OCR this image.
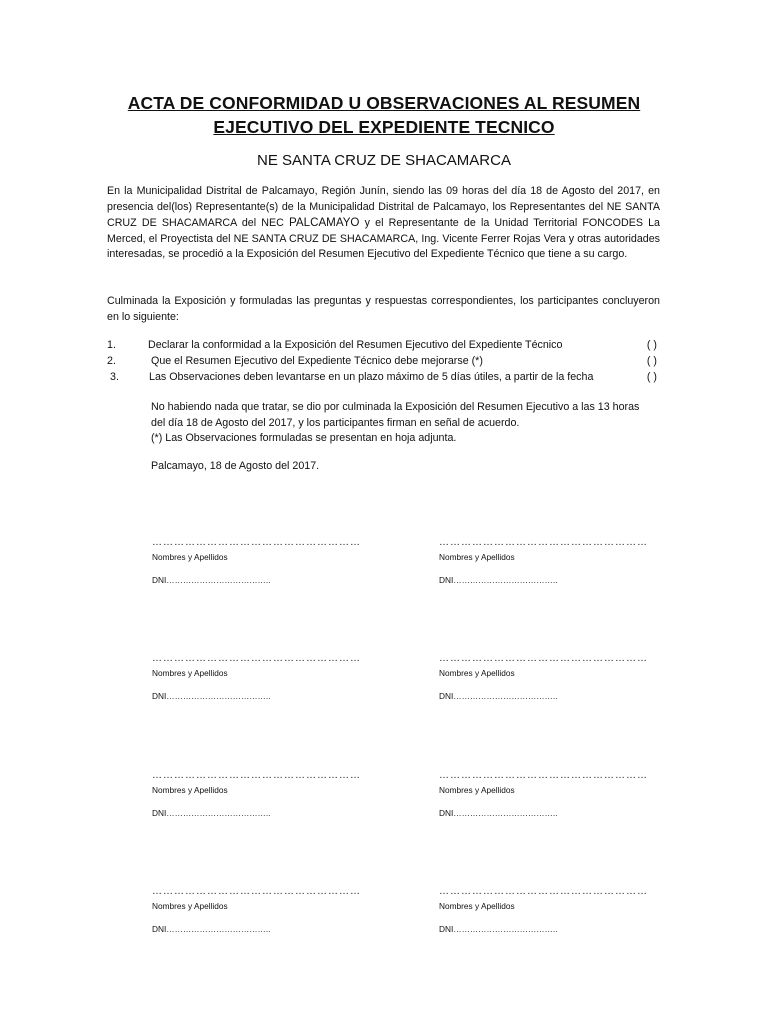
ACTA DE CONFORMIDAD U OBSERVACIONES AL RESUMEN
EJECUTIVO DEL EXPEDIENTE TECNICO
NE SANTA CRUZ DE SHACAMARCA
En la Municipalidad Distrital de Palcamayo, Región Junín, siendo las 09 horas del día 18 de Agosto del 2017, en presencia del(los) Representante(s) de la Municipalidad Distrital de Palcamayo, los Representantes del NE SANTA CRUZ DE SHACAMARCA del NEC PALCAMAYO y el Representante de la Unidad Territorial FONCODES La Merced, el Proyectista del NE SANTA CRUZ DE SHACAMARCA, Ing. Vicente Ferrer Rojas Vera y otras autoridades interesadas, se procedió a la Exposición del Resumen Ejecutivo del Expediente Técnico que tiene a su cargo.
Culminada la Exposición y formuladas las preguntas y respuestas correspondientes, los participantes concluyeron en lo siguiente:
1.	Declarar la conformidad a la Exposición del Resumen Ejecutivo del Expediente Técnico	( )
2.	Que el Resumen Ejecutivo del Expediente Técnico debe mejorarse (*)	( )
3.	Las Observaciones deben levantarse en un plazo máximo de 5 días útiles, a partir de la fecha	( )
No habiendo nada que tratar, se dio por culminada la Exposición del Resumen Ejecutivo a las 13 horas del día 18 de Agosto del 2017, y los participantes firman en señal de acuerdo.
(*) Las Observaciones formuladas se presentan en hoja adjunta.
Palcamayo, 18 de Agosto del 2017.
…………………………………………………
Nombres y Apellidos
DNI………………………………..
…………………………………………………
Nombres y Apellidos
DNI………………………………..
…………………………………………………
Nombres y Apellidos
DNI………………………………..
…………………………………………………
Nombres y Apellidos
DNI………………………………..
…………………………………………………
Nombres y Apellidos
DNI………………………………..
…………………………………………………
Nombres y Apellidos
DNI………………………………..
…………………………………………………
Nombres y Apellidos
DNI………………………………..
…………………………………………………
Nombres y Apellidos
DNI………………………………..
